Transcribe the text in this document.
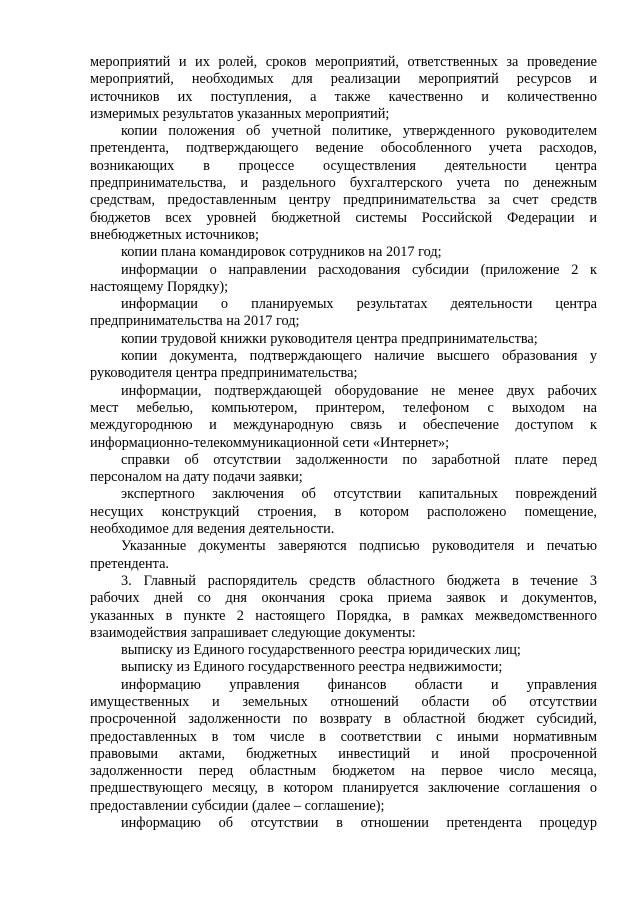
мероприятий и их ролей, сроков мероприятий, ответственных за проведение
мероприятий, необходимых для реализации мероприятий ресурсов и
источников их поступления, а также качественно и количественно
измеримых результатов указанных мероприятий;
копии положения об учетной политике, утвержденного руководителем
претендента, подтверждающего ведение обособленного учета расходов,
возникающих в процессе осуществления деятельности центра
предпринимательства, и раздельного бухгалтерского учета по денежным
средствам, предоставленным центру предпринимательства за счет средств
бюджетов всех уровней бюджетной системы Российской Федерации и
внебюджетных источников;
копии плана командировок сотрудников на 2017 год;
информации о направлении расходования субсидии (приложение 2 к
настоящему Порядку);
информации о планируемых результатах деятельности центра
предпринимательства на 2017 год;
копии трудовой книжки руководителя центра предпринимательства;
копии документа, подтверждающего наличие высшего образования у
руководителя центра предпринимательства;
информации, подтверждающей оборудование не менее двух рабочих
мест мебелью, компьютером, принтером, телефоном с выходом на
междугороднюю и международную связь и обеспечение доступом к
информационно-телекоммуникационной сети «Интернет»;
справки об отсутствии задолженности по заработной плате перед
персоналом на дату подачи заявки;
экспертного заключения об отсутствии капитальных повреждений
несущих конструкций строения, в котором расположено помещение,
необходимое для ведения деятельности.
Указанные документы заверяются подписью руководителя и печатью
претендента.
3. Главный распорядитель средств областного бюджета в течение 3
рабочих дней со дня окончания срока приема заявок и документов,
указанных в пункте 2 настоящего Порядка, в рамках межведомственного
взаимодействия запрашивает следующие документы:
выписку из Единого государственного реестра юридических лиц;
выписку из Единого государственного реестра недвижимости;
информацию управления финансов области и управления
имущественных и земельных отношений области об отсутствии
просроченной задолженности по возврату в областной бюджет субсидий,
предоставленных в том числе в соответствии с иными нормативным
правовыми актами, бюджетных инвестиций и иной просроченной
задолженности перед областным бюджетом на первое число месяца,
предшествующего месяцу, в котором планируется заключение соглашения о
предоставлении субсидии (далее – соглашение);
информацию об отсутствии в отношении претендента процедур
